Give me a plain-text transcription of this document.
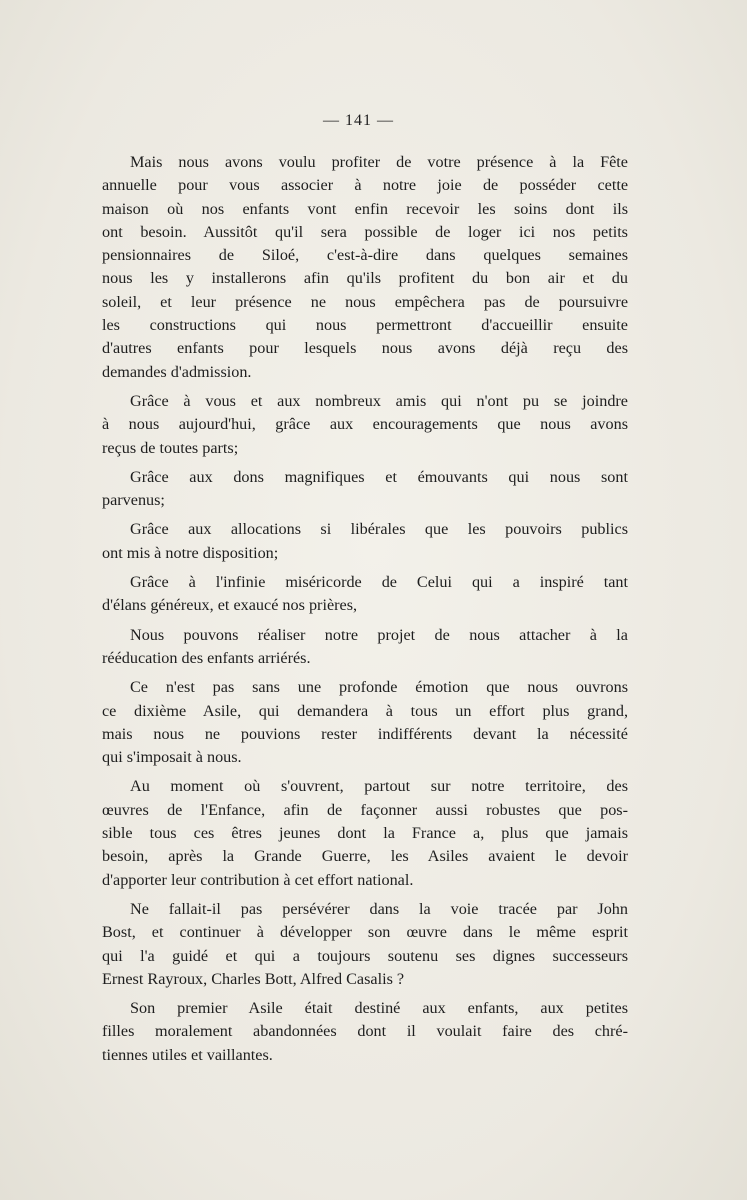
— 141 —
Mais nous avons voulu profiter de votre présence à la Fête
annuelle pour vous associer à notre joie de posséder cette
maison où nos enfants vont enfin recevoir les soins dont ils
ont besoin. Aussitôt qu'il sera possible de loger ici nos petits
pensionnaires de Siloé, c'est-à-dire dans quelques semaines
nous les y installerons afin qu'ils profitent du bon air et du
soleil, et leur présence ne nous empêchera pas de poursuivre
les constructions qui nous permettront d'accueillir ensuite
d'autres enfants pour lesquels nous avons déjà reçu des
demandes d'admission.
Grâce à vous et aux nombreux amis qui n'ont pu se joindre
à nous aujourd'hui, grâce aux encouragements que nous avons
reçus de toutes parts;
Grâce aux dons magnifiques et émouvants qui nous sont
parvenus;
Grâce aux allocations si libérales que les pouvoirs publics
ont mis à notre disposition;
Grâce à l'infinie miséricorde de Celui qui a inspiré tant
d'élans généreux, et exaucé nos prières,
Nous pouvons réaliser notre projet de nous attacher à la
rééducation des enfants arriérés.
Ce n'est pas sans une profonde émotion que nous ouvrons
ce dixième Asile, qui demandera à tous un effort plus grand,
mais nous ne pouvions rester indifférents devant la nécessité
qui s'imposait à nous.
Au moment où s'ouvrent, partout sur notre territoire, des
œuvres de l'Enfance, afin de façonner aussi robustes que pos-
sible tous ces êtres jeunes dont la France a, plus que jamais
besoin, après la Grande Guerre, les Asiles avaient le devoir
d'apporter leur contribution à cet effort national.
Ne fallait-il pas persévérer dans la voie tracée par John
Bost, et continuer à développer son œuvre dans le même esprit
qui l'a guidé et qui a toujours soutenu ses dignes successeurs
Ernest Rayroux, Charles Bott, Alfred Casalis ?
Son premier Asile était destiné aux enfants, aux petites
filles moralement abandonnées dont il voulait faire des chré-
tiennes utiles et vaillantes.
